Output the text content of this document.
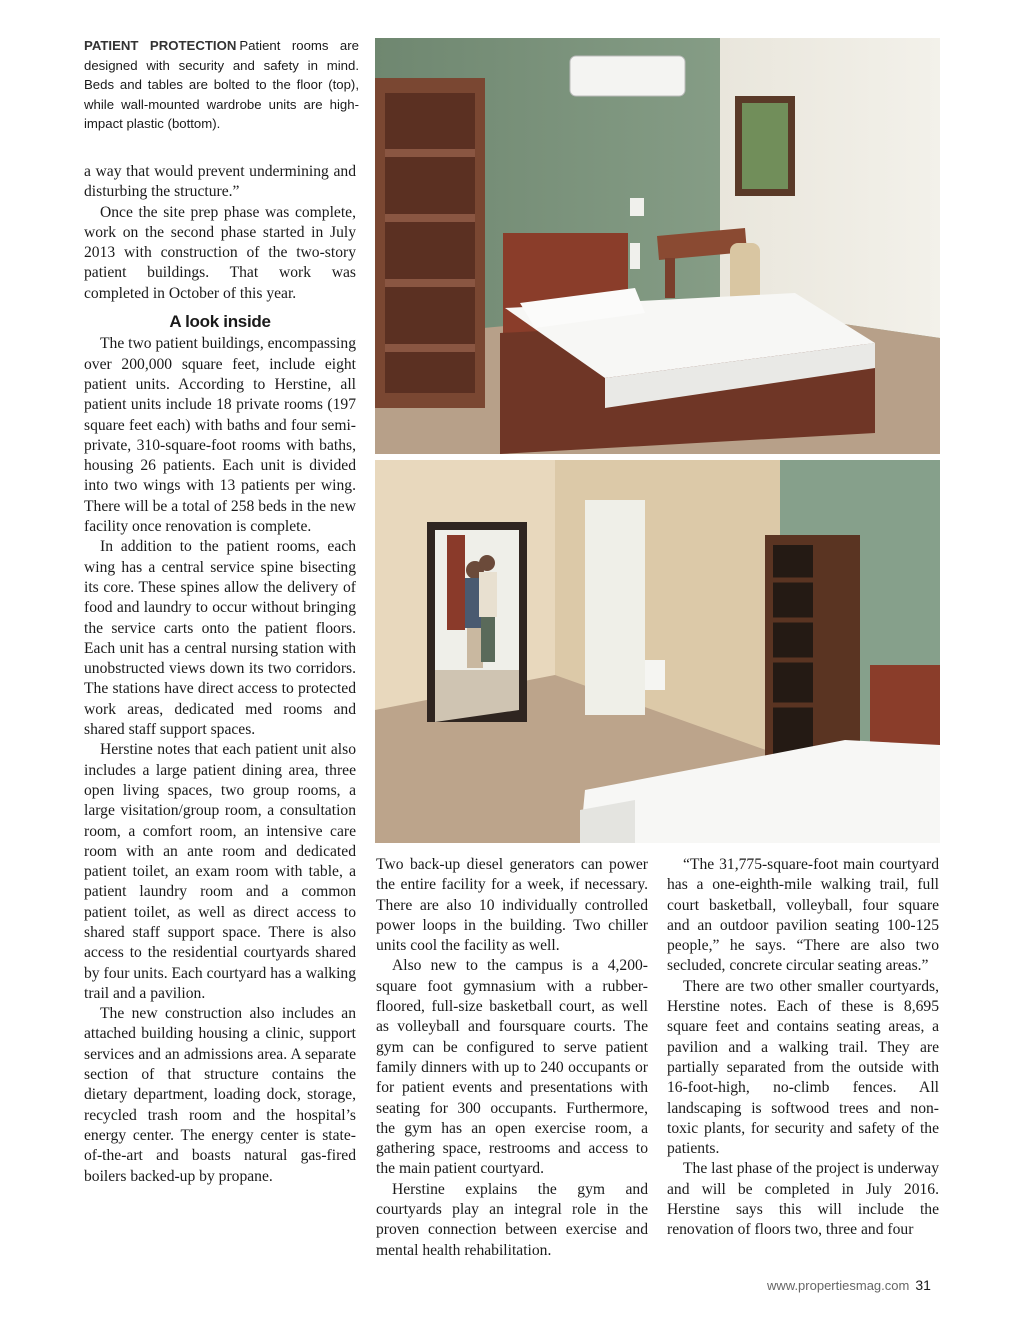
PATIENT PROTECTION Patient rooms are designed with security and safety in mind. Beds and tables are bolted to the floor (top), while wall-mounted wardrobe units are high-impact plastic (bottom).

a way that would prevent undermining and disturbing the structure.”

Once the site prep phase was complete, work on the second phase started in July 2013 with construction of the two-story patient buildings. That work was completed in October of this year.

A look inside

The two patient buildings, encompassing over 200,000 square feet, include eight patient units. According to Herstine, all patient units include 18 private rooms (197 square feet each) with baths and four semi-private, 310-square-foot rooms with baths, housing 26 patients. Each unit is divided into two wings with 13 patients per wing. There will be a total of 258 beds in the new facility once renovation is complete.

In addition to the patient rooms, each wing has a central service spine bisecting its core. These spines allow the delivery of food and laundry to occur without bringing the service carts onto the patient floors. Each unit has a central nursing station with unobstructed views down its two corridors. The stations have direct access to protected work areas, dedicated med rooms and shared staff support spaces.

Herstine notes that each patient unit also includes a large patient dining area, three open living spaces, two group rooms, a large visitation/group room, a consultation room, a comfort room, an intensive care room with an ante room and dedicated patient toilet, an exam room with table, a patient laundry room and a common patient toilet, as well as direct access to shared staff support space. There is also access to the residential courtyards shared by four units. Each courtyard has a walking trail and a pavilion.

The new construction also includes an attached building housing a clinic, support services and an admissions area. A separate section of that structure contains the dietary department, loading dock, storage, recycled trash room and the hospital’s energy center. The energy center is state-of-the-art and boasts natural gas-fired boilers backed-up by propane.

Two back-up diesel generators can power the entire facility for a week, if necessary. There are also 10 individually controlled power loops in the building. Two chiller units cool the facility as well.

Also new to the campus is a 4,200-square foot gymnasium with a rubber-floored, full-size basketball court, as well as volleyball and foursquare courts. The gym can be configured to serve patient family dinners with up to 240 occupants or for patient events and presentations with seating for 300 occupants. Furthermore, the gym has an open exercise room, a gathering space, restrooms and access to the main patient courtyard.

Herstine explains the gym and courtyards play an integral role in the proven connection between exercise and mental health rehabilitation.

“The 31,775-square-foot main courtyard has a one-eighth-mile walking trail, full court basketball, volleyball, four square and an outdoor pavilion seating 100-125 people,” he says. “There are also two secluded, concrete circular seating areas.”

There are two other smaller courtyards, Herstine notes. Each of these is 8,695 square feet and contains seating areas, a pavilion and a walking trail. They are partially separated from the outside with 16-foot-high, no-climb fences. All landscaping is softwood trees and non-toxic plants, for security and safety of the patients.

The last phase of the project is underway and will be completed in July 2016. Herstine says this will include the renovation of floors two, three and four

www.propertiesmag.com 31
